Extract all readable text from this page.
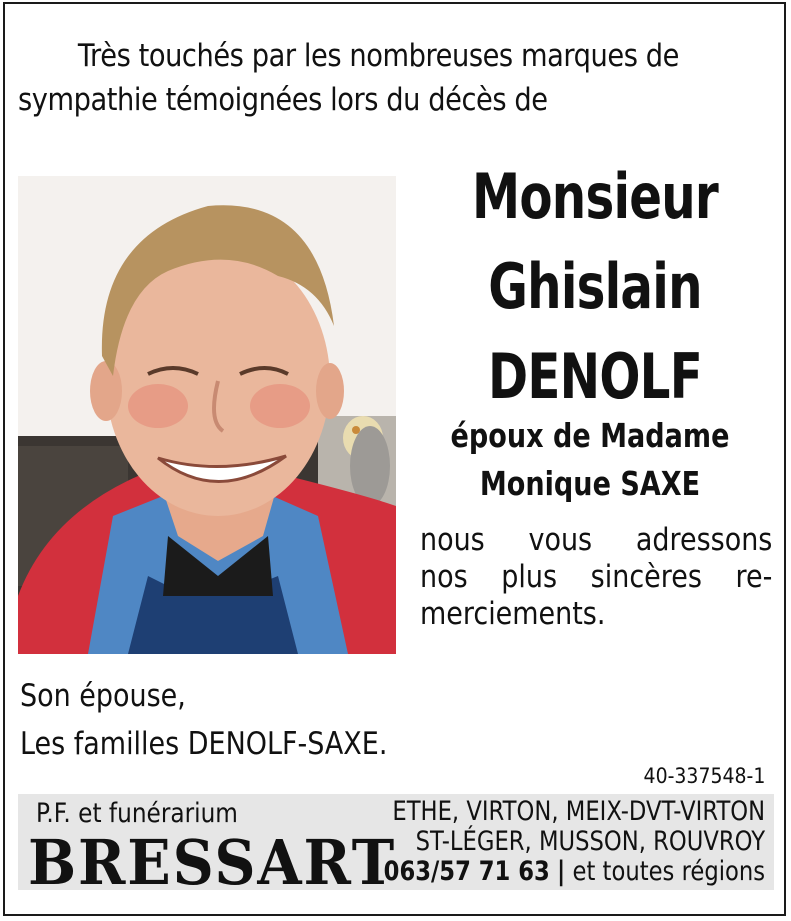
Très touchés par les nombreuses marques de
sympathie témoignées lors du décès de
Monsieur
Ghislain
DENOLF
époux de Madame
Monique SAXE
nous vous adressons
nos plus sincères re-
merciements.
Son épouse,
Les familles DENOLF-SAXE.
40-337548-1
P.F. et funérarium
BRESSART
ETHE, VIRTON, MEIX-DVT-VIRTON
ST-LÉGER, MUSSON, ROUVROY
063/57 71 63 | et toutes régions
